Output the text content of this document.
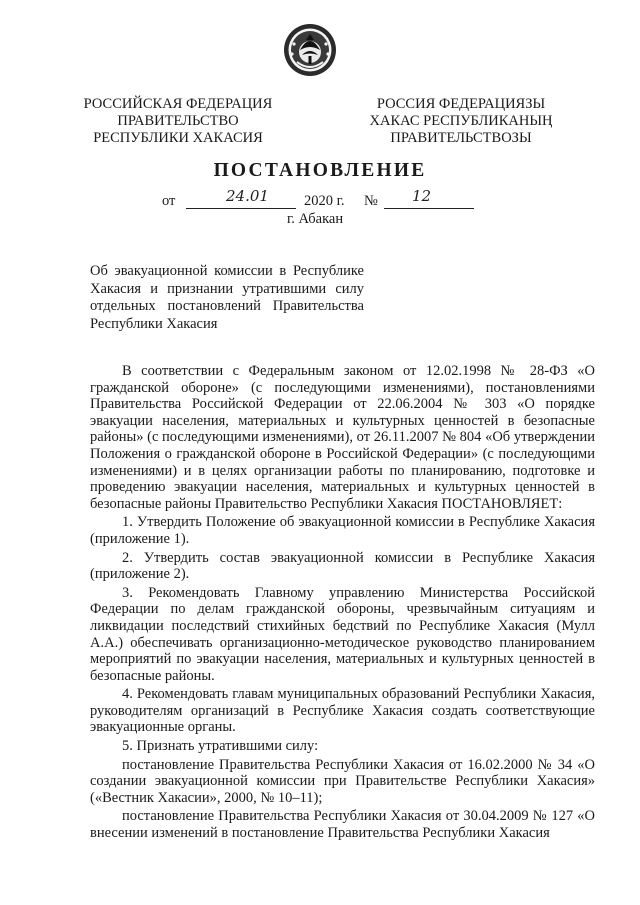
РОССИЙСКАЯ ФЕДЕРАЦИЯ
ПРАВИТЕЛЬСТВО
РЕСПУБЛИКИ ХАКАСИЯ
РОССИЯ ФЕДЕРАЦИЯЗЫ
ХАКАС РЕСПУБЛИКАНЫҢ
ПРАВИТЕЛЬСТВОЗЫ
ПОСТАНОВЛЕНИЕ
от	24.01 2020 г. № 12
г. Абакан
Об эвакуационной комиссии в Республике
Хакасия и признании утратившими силу
отдельных постановлений Правительства
Республики Хакасия

В соответствии с Федеральным законом от 12.02.1998 № 28-ФЗ «О гражданской обороне» (с последующими изменениями), постановлениями Правительства Российской Федерации от 22.06.2004 № 303 «О порядке эвакуации населения, материальных и культурных ценностей в безопасные районы» (с последующими изменениями), от 26.11.2007 № 804 «Об утверждении Положения о гражданской обороне в Российской Федерации» (с последующими изменениями) и в целях организации работы по планированию, подготовке и проведению эвакуации населения, материальных и культурных ценностей в безопасные районы Правительство Республики Хакасия ПОСТАНОВЛЯЕТ:

1. Утвердить Положение об эвакуационной комиссии в Республике Хакасия (приложение 1).

2. Утвердить состав эвакуационной комиссии в Республике Хакасия (приложение 2).

3. Рекомендовать Главному управлению Министерства Российской Федерации по делам гражданской обороны, чрезвычайным ситуациям и ликвидации последствий стихийных бедствий по Республике Хакасия (Мулл А.А.) обеспечивать организационно-методическое руководство планированием мероприятий по эвакуации населения, материальных и культурных ценностей в безопасные районы.

4. Рекомендовать главам муниципальных образований Республики Хакасия, руководителям организаций в Республике Хакасия создать соответствующие эвакуационные органы.

5. Признать утратившими силу:

постановление Правительства Республики Хакасия от 16.02.2000 № 34 «О создании эвакуационной комиссии при Правительстве Республики Хакасия» («Вестник Хакасии», 2000, № 10–11);

постановление Правительства Республики Хакасия от 30.04.2009 № 127 «О внесении изменений в постановление Правительства Республики Хакасия
